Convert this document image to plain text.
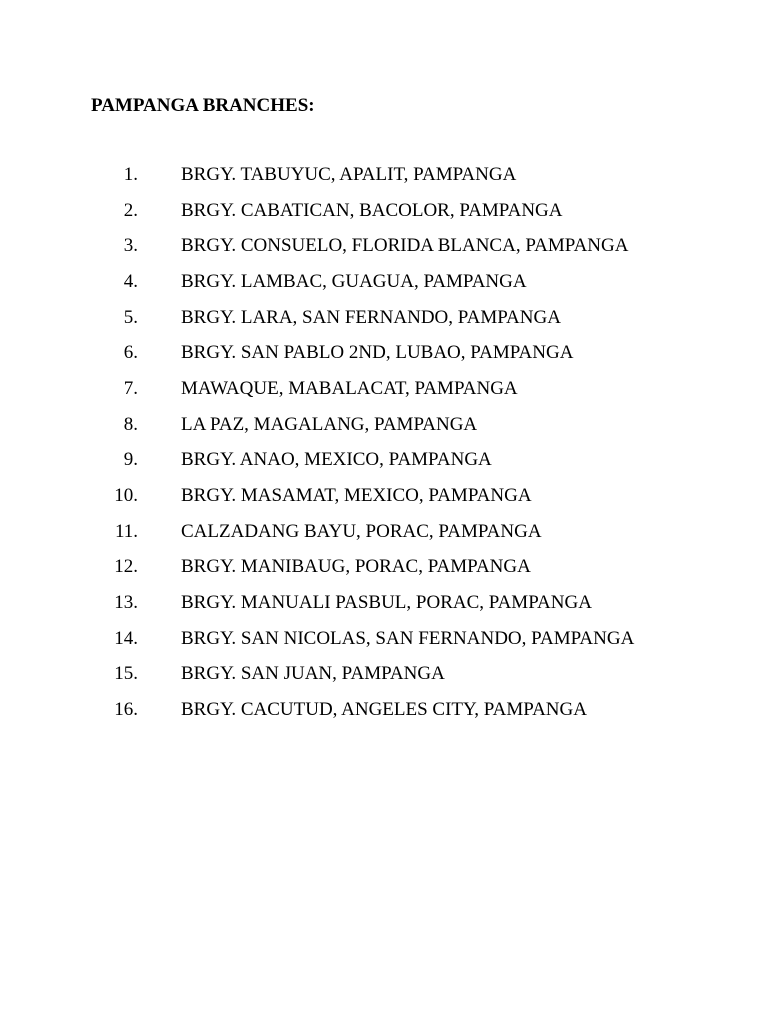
PAMPANGA BRANCHES:
1. BRGY. TABUYUC, APALIT, PAMPANGA
2. BRGY. CABATICAN, BACOLOR, PAMPANGA
3. BRGY. CONSUELO, FLORIDA BLANCA, PAMPANGA
4. BRGY. LAMBAC, GUAGUA, PAMPANGA
5. BRGY. LARA, SAN FERNANDO, PAMPANGA
6. BRGY. SAN PABLO 2ND, LUBAO, PAMPANGA
7. MAWAQUE, MABALACAT, PAMPANGA
8. LA PAZ, MAGALANG, PAMPANGA
9. BRGY. ANAO, MEXICO, PAMPANGA
10. BRGY. MASAMAT, MEXICO, PAMPANGA
11. CALZADANG BAYU, PORAC, PAMPANGA
12. BRGY. MANIBAUG, PORAC, PAMPANGA
13. BRGY. MANUALI PASBUL, PORAC, PAMPANGA
14. BRGY. SAN NICOLAS, SAN FERNANDO, PAMPANGA
15. BRGY. SAN JUAN, PAMPANGA
16. BRGY. CACUTUD, ANGELES CITY, PAMPANGA
